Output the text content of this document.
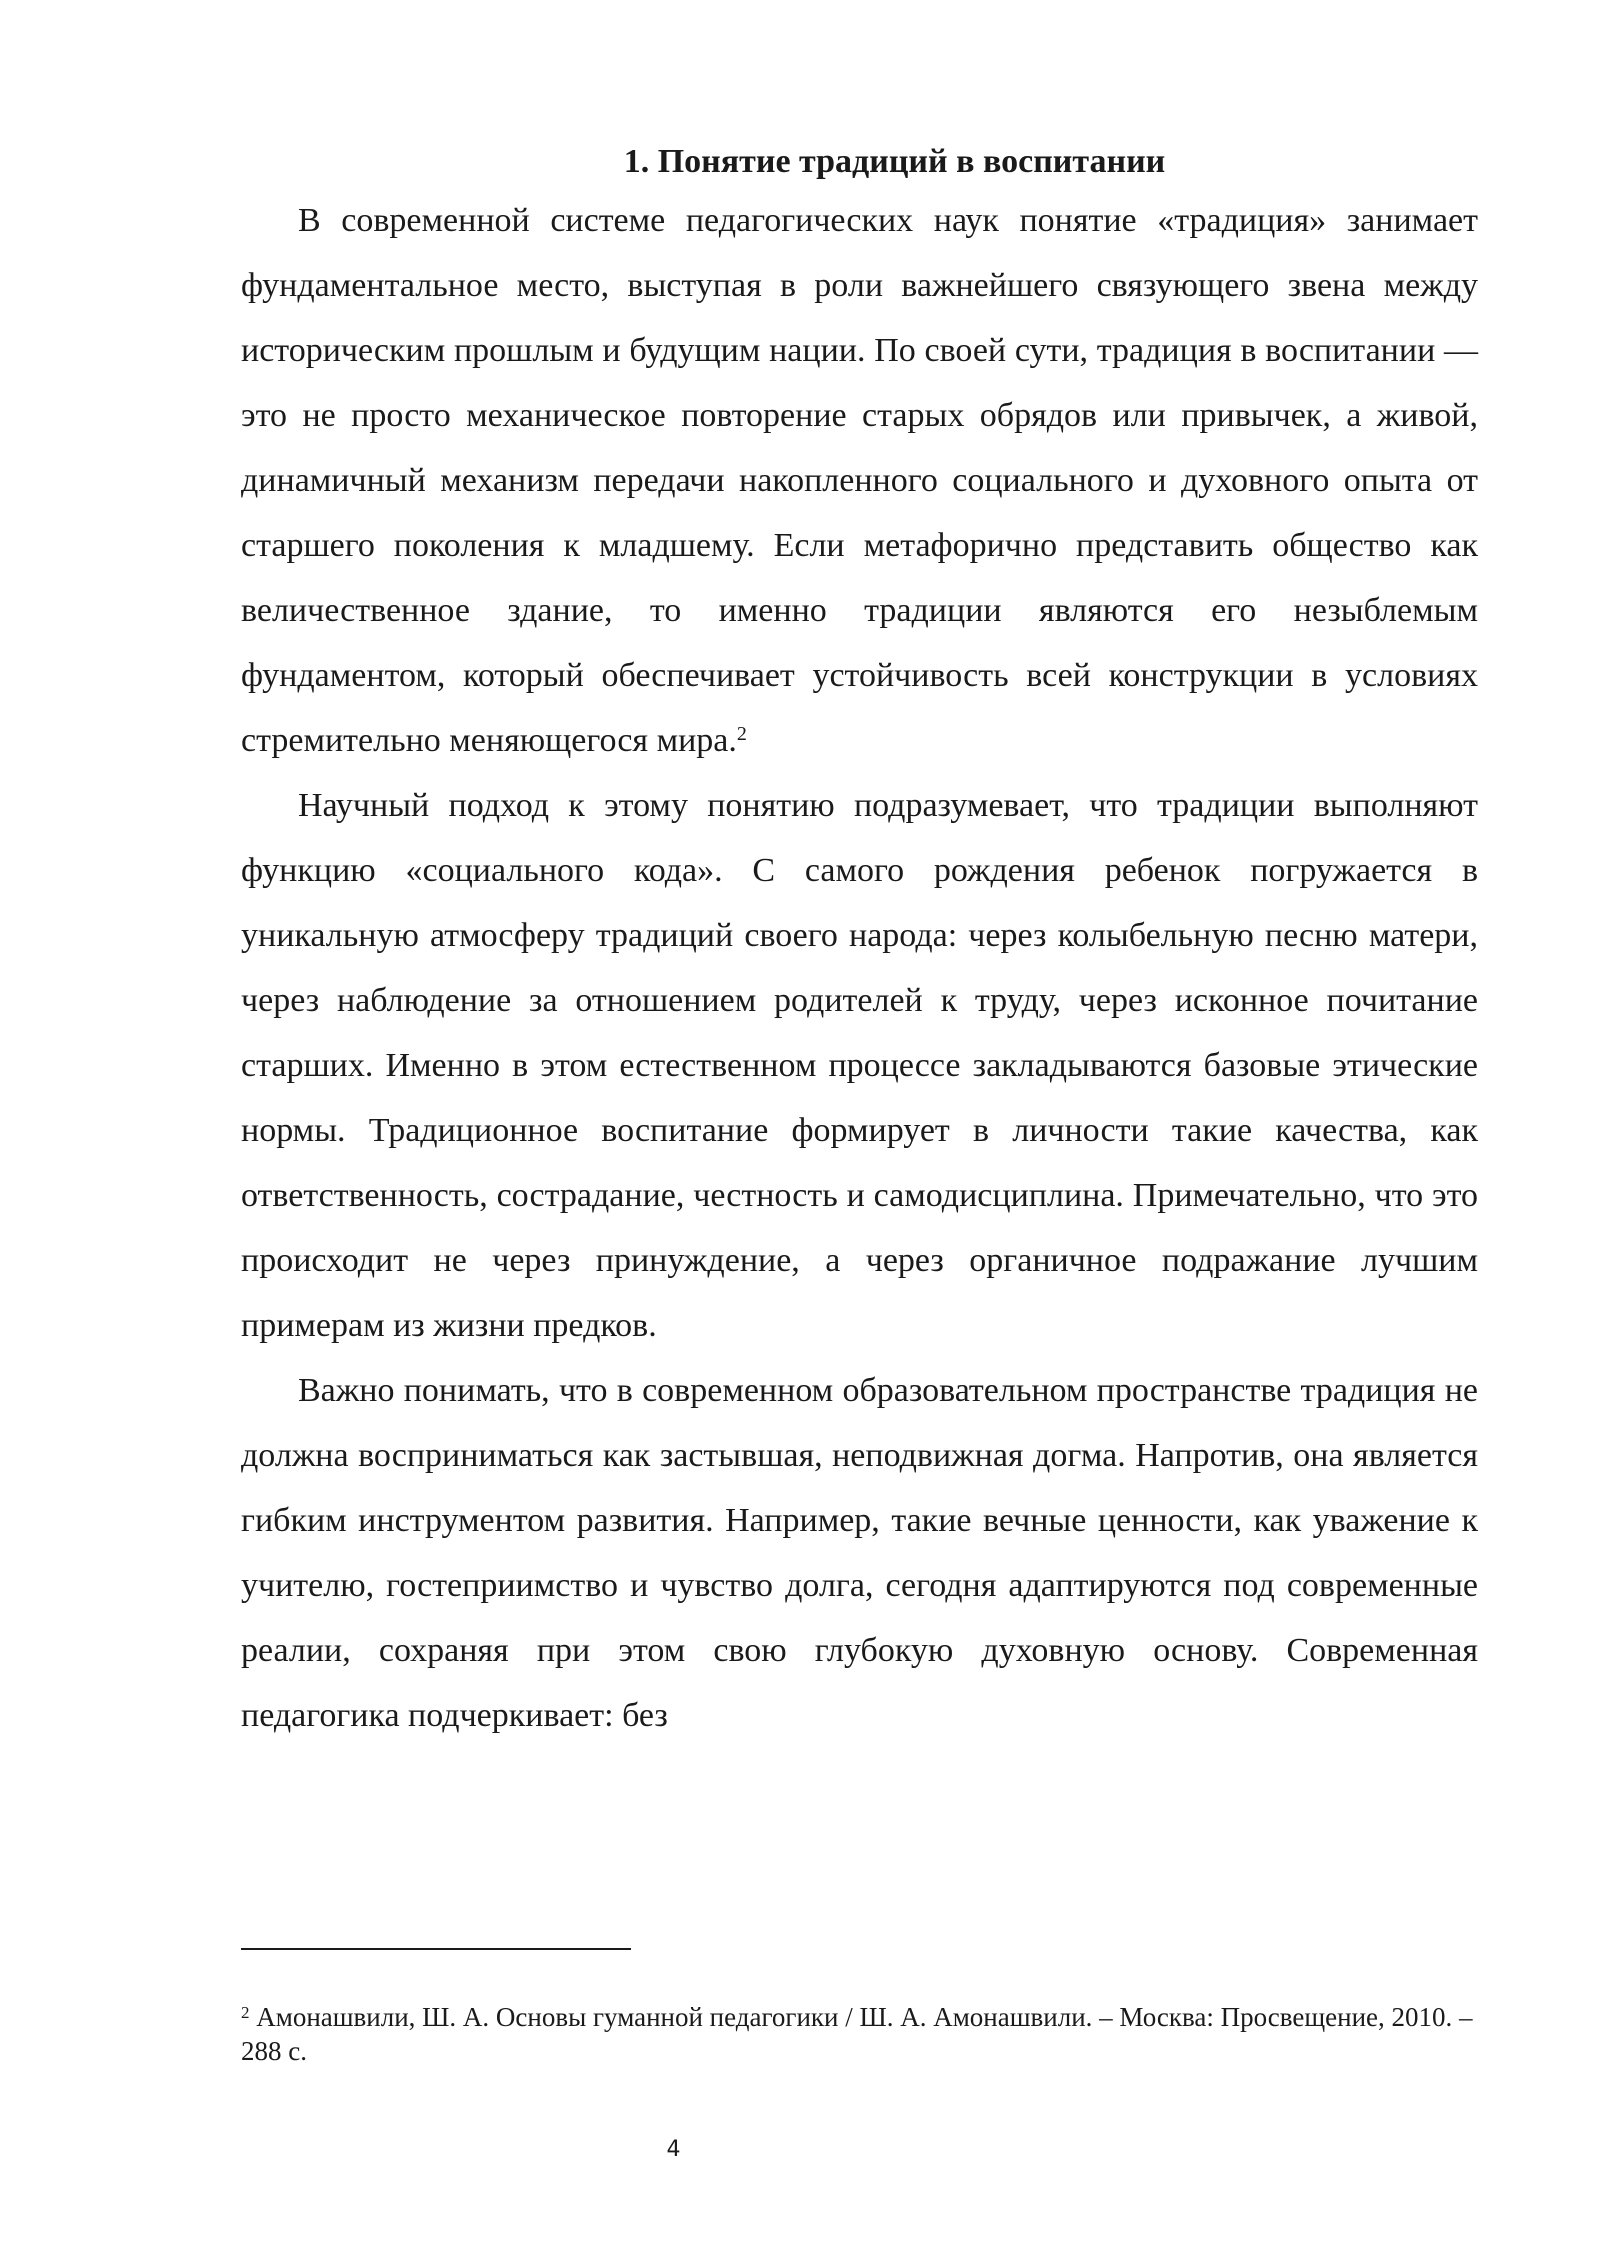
1. Понятие традиций в воспитании

В современной системе педагогических наук понятие «традиция» занимает фундаментальное место, выступая в роли важнейшего связующего звена между историческим прошлым и будущим нации. По своей сути, традиция в воспитании — это не просто механическое повторение старых обрядов или привычек, а живой, динамичный механизм передачи накопленного социального и духовного опыта от старшего поколения к младшему. Если метафорично представить общество как величественное здание, то именно традиции являются его незыблемым фундаментом, который обеспечивает устойчивость всей конструкции в условиях стремительно меняющегося мира.$^2$

Научный подход к этому понятию подразумевает, что традиции выполняют функцию «социального кода». С самого рождения ребенок погружается в уникальную атмосферу традиций своего народа: через колыбельную песню матери, через наблюдение за отношением родителей к труду, через исконное почитание старших. Именно в этом естественном процессе закладываются базовые этические нормы. Традиционное воспитание формирует в личности такие качества, как ответственность, сострадание, честность и самодисциплина. Примечательно, что это происходит не через принуждение, а через органичное подражание лучшим примерам из жизни предков.

Важно понимать, что в современном образовательном пространстве традиция не должна восприниматься как застывшая, неподвижная догма. Напротив, она является гибким инструментом развития. Например, такие вечные ценности, как уважение к учителю, гостеприимство и чувство долга, сегодня адаптируются под современные реалии, сохраняя при этом свою глубокую духовную основу. Современная педагогика подчеркивает: без

$^2$ Амонашвили, Ш. А. Основы гуманной педагогики / Ш. А. Амонашвили. – Москва: Просвещение, 2010. – 288 с.

4
